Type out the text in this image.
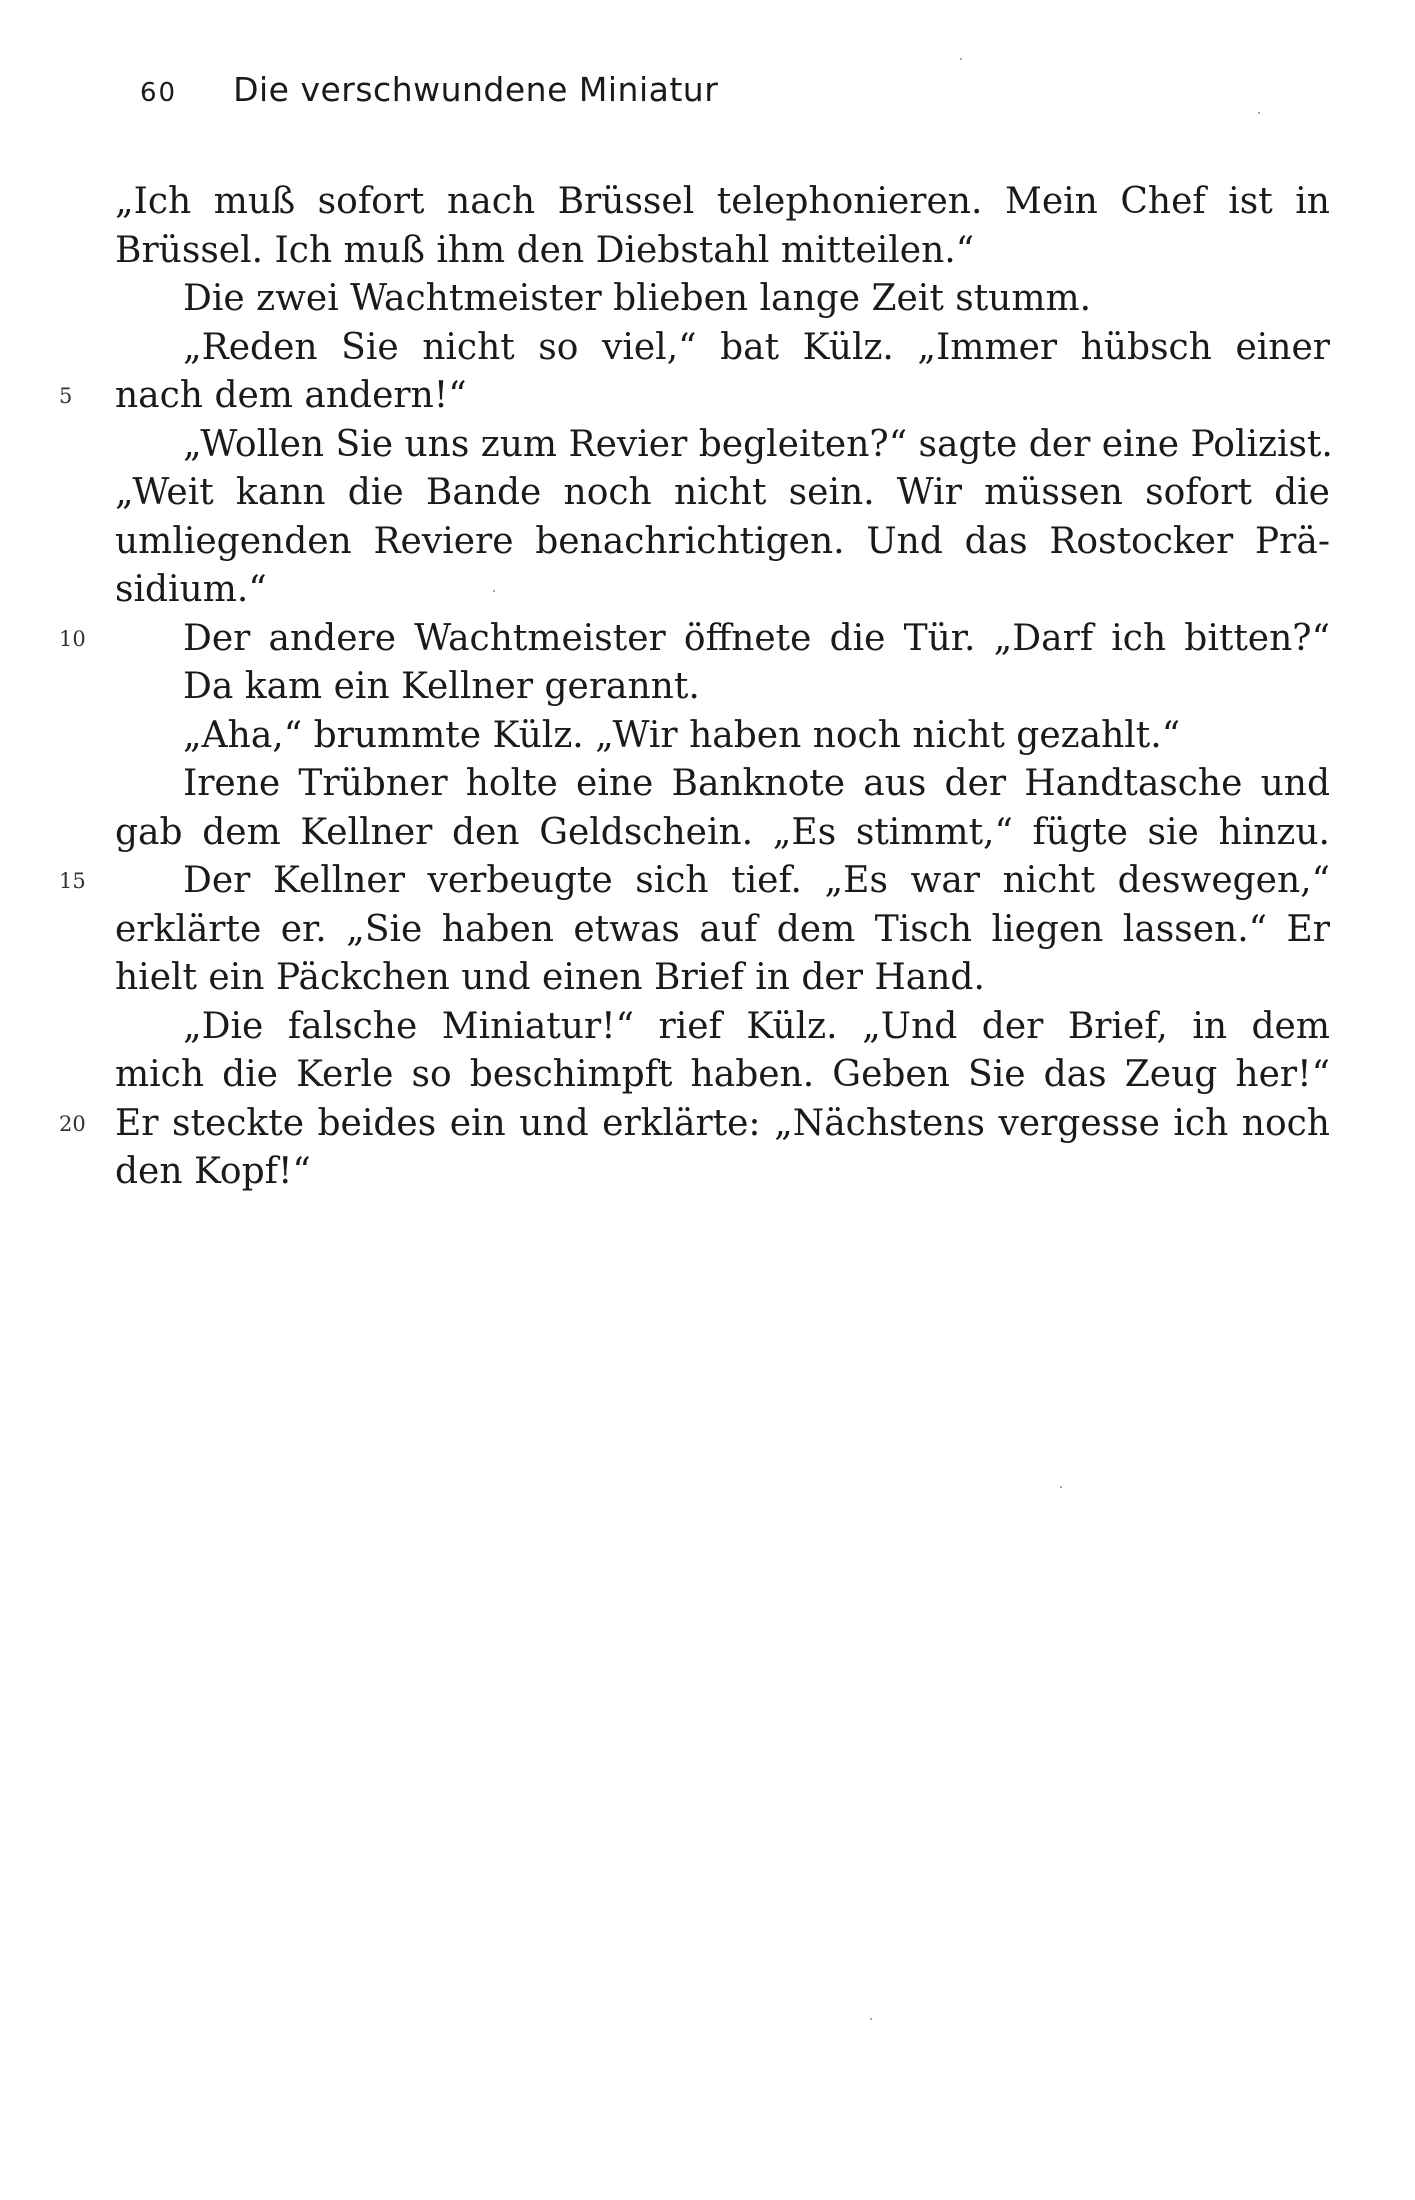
60 Die verschwundene Miniatur
„Ich muß sofort nach Brüssel telephonieren. Mein Chef ist in
Brüssel. Ich muß ihm den Diebstahl mitteilen.“
Die zwei Wachtmeister blieben lange Zeit stumm.
„Reden Sie nicht so viel,“ bat Külz. „Immer hübsch einer
nach dem andern!“
5
„Wollen Sie uns zum Revier begleiten?“ sagte der eine Polizist.
„Weit kann die Bande noch nicht sein. Wir müssen sofort die
umliegenden Reviere benachrichtigen. Und das Rostocker Prä-
sidium.“
Der andere Wachtmeister öffnete die Tür. „Darf ich bitten?“
10
Da kam ein Kellner gerannt.
„Aha,“ brummte Külz. „Wir haben noch nicht gezahlt.“
Irene Trübner holte eine Banknote aus der Handtasche und
gab dem Kellner den Geldschein. „Es stimmt,“ fügte sie hinzu.
Der Kellner verbeugte sich tief. „Es war nicht deswegen,“
15
erklärte er. „Sie haben etwas auf dem Tisch liegen lassen.“ Er
hielt ein Päckchen und einen Brief in der Hand.
„Die falsche Miniatur!“ rief Külz. „Und der Brief, in dem
mich die Kerle so beschimpft haben. Geben Sie das Zeug her!“
Er steckte beides ein und erklärte: „Nächstens vergesse ich noch
20
den Kopf!“
